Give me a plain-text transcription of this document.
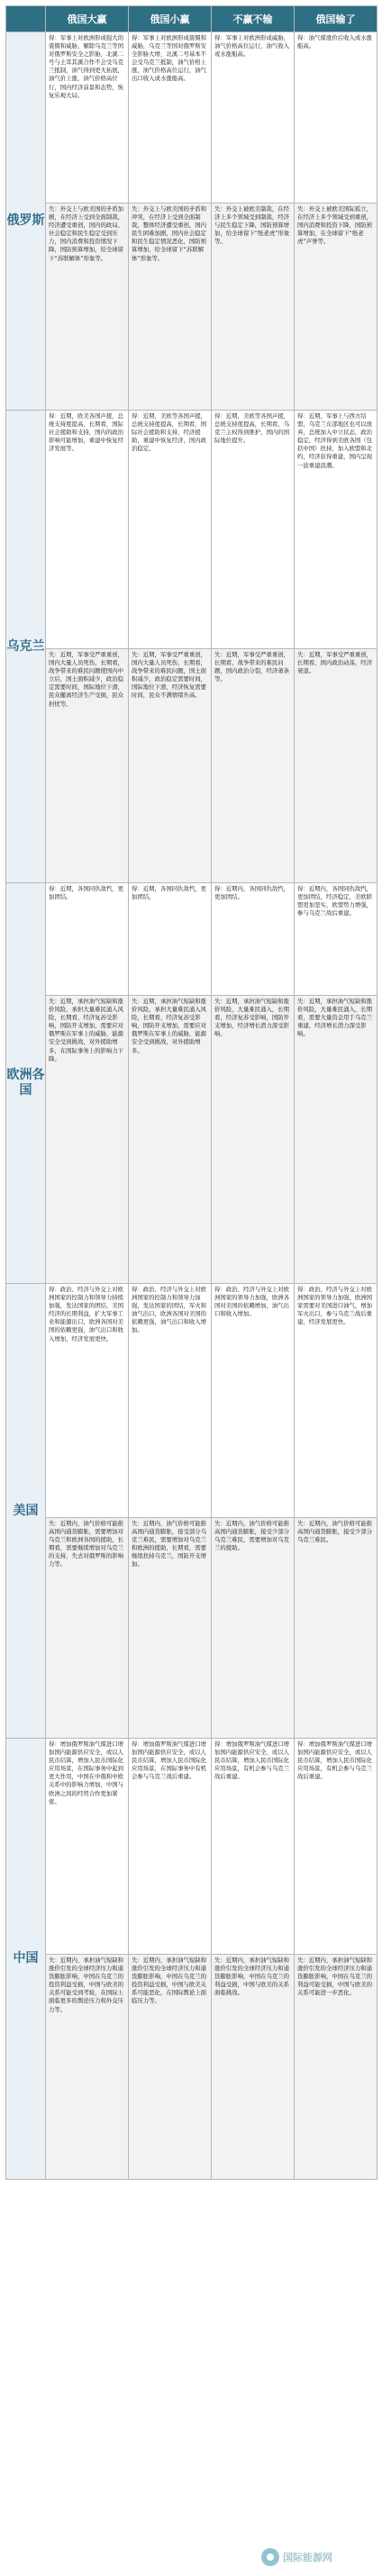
	俄国大赢	俄国小赢	不赢不输	俄国输了
俄罗斯	得：军事上对欧洲形成强大的震慑和威胁，解除乌克兰等国对俄罗斯安全之影胁，北溪二号与土耳其溪合作不会受乌克兰抵制，油气得到更大拓展，油气价上涨，油气价格高位行，国内经济前景和态势，恢复乐观大局。	得：军事上对欧洲形成震慑和威胁，乌克兰等国对俄罗斯安全影胁大增，北溪二号基本不会受乌克兰抵制，油气价格上涨，油气价格高位运行，油气出口收入或水涨船高。	得：军事上对欧洲形成威胁，油气价格高位运行，油气收入或水涨船高。	得：油气煤涨价后收入或水涨船高。
	失：外交上与欧美国的矛盾加剧，在经济上受到全面制裁，经济遭受重创，国内的政局、社会稳定和民生稳定受到压力，国内消费和投资情况下降，国防预算增加，给全球留下“苏联解体”形象等。	失：外交上与欧美国的矛盾和冲突，在经济上受到全面制裁，整体经济遭受重创，国内民生困难加剧，国内社会稳定和民生稳定情况恶化，国防预算增加，给全球留下“苏联解体”形象等。	失：外交上被欧美制裁，在经济上多个领域受到制裁，经济与民生稳定下降，国防预算增加，给全球留下“纸老虎”形象等。	失：外交上被欧美国际孤立，在经济上多个领域受到重创，国内消费和投资下降，国防预算增加，在全球留下“纸老虎”声誉等。
乌克兰	得：近期，欧美各国声援，总统支持度提高，长期看，国际社会援助和支持，国内的政治影响可能增加，重建中恢复经济发展等。	得：近期，美欧等各国声援，总统支持度提高，长期看，国际社会援助和支持，经济援助，重建中恢复经济，国内政治稳定。	得：近期，美欧等各国声援，总统支持度提高，长期看，乌克兰主权得到维护，国内的国际地位提升。	得：近期，军事上与西方结盟，乌克兰东部地区也可以放弃，总统加入中立状态，政治稳定，经济得到美欧各国（包括中国）扶持，加入欧盟和北约，经济获得重建，国内呈现一波重建浪潮。
	失：近期，军事受严重重创，国内大量人员死伤，长期看，战争带来的难民问题使国内中立后，国土面积减少，政治稳定需要时间，国际地位下滑，民众撤离经济生产受损，民众担忧等。	失：近期，军事受严重重创，国内大量人员死伤，长期看，战争带来的难民问题，国土面积减少，政治稳定需要时间，国际地位下滑，经济恢复需要时间，民众不满情绪升高。	失：近期，军事受严重重创，长期看，战争带来的难民问题，国内政治分裂，经济萧条等。	失：近期，军事受严重重创，长期看，国内政治动荡，经济衰退。
欧洲各国	得：近期，各国同仇敌忾，更加团结。	得：近期，各国同仇敌忾，更加团结。	得：近期内，各国同仇敌忾，更加团结。	得：近期内，各国同仇敌忾，更加团结，经济稳定，美欧联盟更加坚实，欧盟势力增强，参与乌克兰战后重建。
	失：近期，承担油气短缺和涨价风险，承担大量难民涌入风险，长期看，经济复苏受影响，国防开支增加，需要应对俄罗斯在军事上的威胁，能源安全受到挑战，对外援助增多，在国际事务上的影响力下降。	失：近期，承担油气短缺和涨价风险，承担大量难民涌入风险，长期看，经济复苏受影响，国防开支增加，需要应对俄罗斯在军事上的威胁，能源安全受到挑战，对外援助增多。	失：近期，承担油气短缺和涨价风险，大量难民涌入，长期看，经济复苏受影响，国防开支增加，经济增长潜力深受影响。	失：近期，承担油气短缺和涨价风险，大量难民涌入，长期看，需要大量资金用于乌克兰重建，经济增长潜力深受影响。
美国	得：政治、经济与外交上对欧洲国家的控制力和领导力持续加强，发达国家的团结，美国经济的长期利益，扩大军事工业和能源出口，欧洲各国对美国的依赖更强，油气出口和收入增加，经济发展更快。	得：政治、经济与外交上对欧洲国家的控制力和领导力加强，发达国家的团结，军火和油气出口，欧洲各国对美国的依赖更强，油气出口和收入增加。	得：政治、经济与外交上对欧洲国家的领导力加强，欧洲各国对美国的依赖增加，油气出口和收入增加。	得：政治、经济与外交上对欧洲国家的领导力加强，欧洲国家需要对美国进口油气，增加军火出口，参与乌克兰战后重建，经济发展更快。
	失：近期内，油气价格可能推高国内通货膨胀，需要增加对乌克兰和欧洲各国的援助，长期看，需要继续增加对乌克兰的支持，失去对俄罗斯的影响力等。	失：近期内，油气价格可能推高国内通货膨胀，接受部分乌克兰难民，需要增加对乌克兰和欧洲的援助，长期看，需要继续扶持乌克兰，国防开支增加。	失：近期内，油气价格可能推高国内通货膨胀，接受少部分乌克兰难民，需要增加对乌克兰的援助。	失：近期内，油气价格可能推高国内通货膨胀，接受少部分乌克兰难民。
中国	得：增加俄罗斯油气煤进口增加国内能源供应安全，或以人民币结算，增加人民币国际化应用场景，在国际事务中起到更大作用，中国在中俄和中欧关系中的影响力增加，中国与欧洲之间的经贸合作更加紧密。	得：增加俄罗斯油气煤进口增加国内能源供应安全，或以人民币结算，增加人民币国际化应用场景，在国际事务中有机会参与乌克兰战后重建。	得：增加俄罗斯油气煤进口增加国内能源供应安全，或以人民币结算，增加人民币国际化应用场景，有机会参与乌克兰战后重建。	得：增加俄罗斯油气煤进口增加国内能源供应安全，或以人民币结算，增加人民币国际化应用场景，有机会参与乌克兰战后重建。
	失：近期内，承担油气短缺和涨价引发的全球经济压力和通货膨胀影响，中国在乌克兰的投资利益受损，中国与欧美的关系可能受到考验，在国际上面临更多的舆论压力和外交压力等。	失：近期内，承担油气短缺和涨价引发的全球经济压力和通货膨胀影响，中国在乌克兰的投资利益受损，中国与欧美关系可能恶化，在国际舆论上面临压力等。	失：近期内，承担油气短缺和涨价引发的全球经济压力和通货膨胀影响，中国在乌克兰的利益受损，中国与欧美的关系面临挑战。	失：近期内，承担油气短缺和涨价引发的全球经济压力和通货膨胀影响，中国在乌克兰的利益可能受损，中国与欧美的关系可能进一步恶化。
国际能源网
